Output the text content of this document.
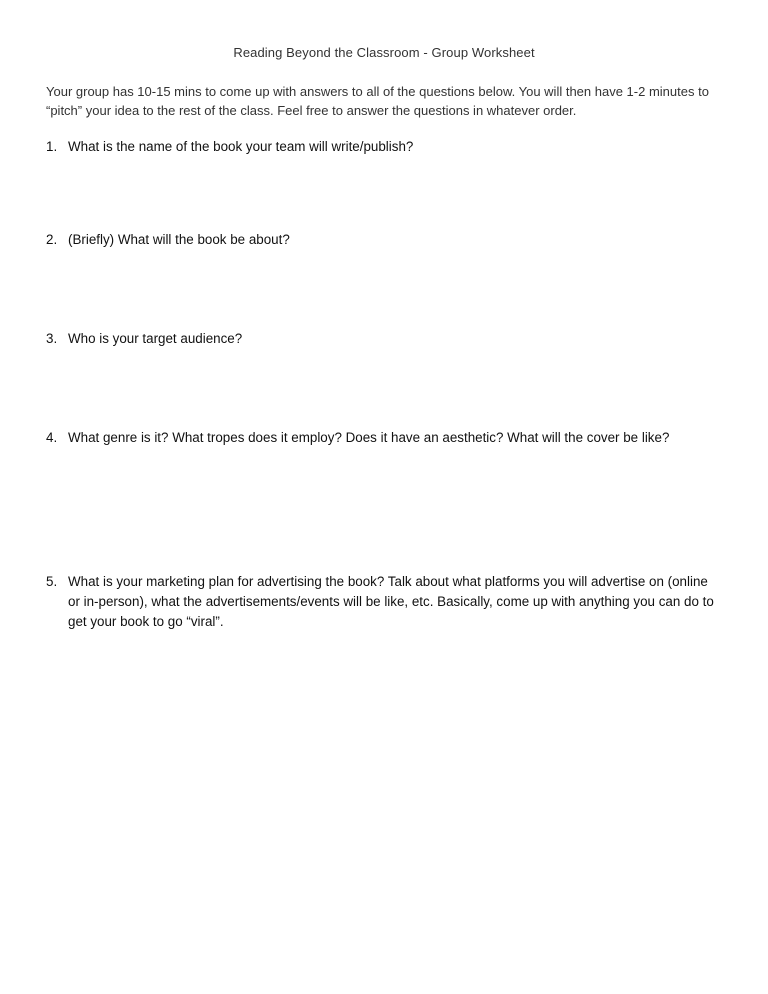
Reading Beyond the Classroom - Group Worksheet
Your group has 10-15 mins to come up with answers to all of the questions below. You will then have 1-2 minutes to “pitch” your idea to the rest of the class. Feel free to answer the questions in whatever order.
1. What is the name of the book your team will write/publish?
2. (Briefly) What will the book be about?
3. Who is your target audience?
4. What genre is it? What tropes does it employ? Does it have an aesthetic? What will the cover be like?
5. What is your marketing plan for advertising the book? Talk about what platforms you will advertise on (online or in-person), what the advertisements/events will be like, etc. Basically, come up with anything you can do to get your book to go “viral”.
